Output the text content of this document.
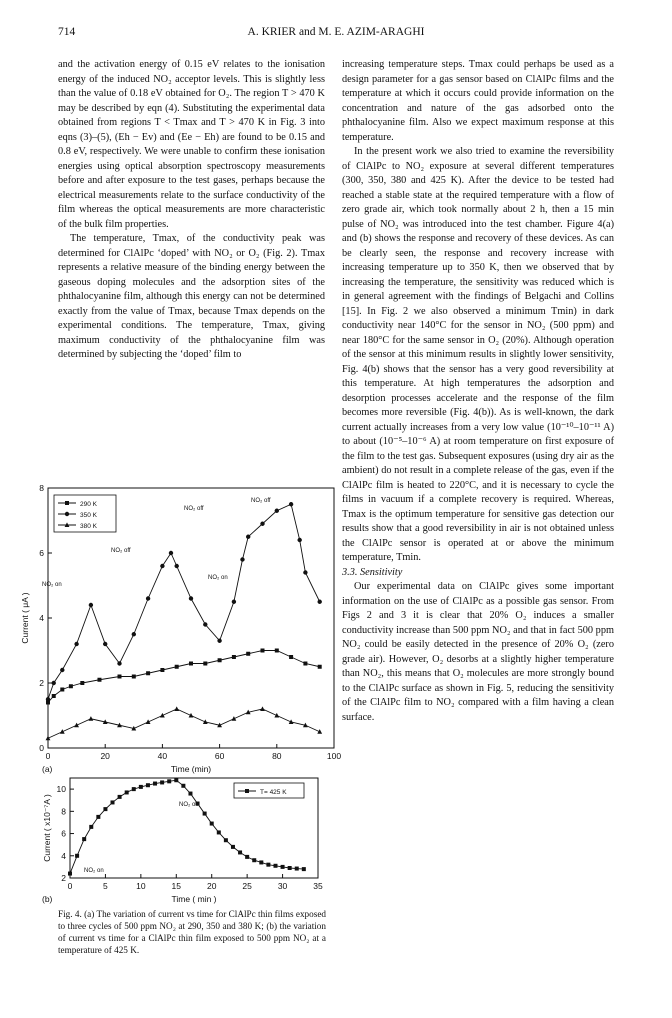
714	A. KRIER and M. E. AZIM-ARAGHI

and the activation energy of 0.15 eV relates to the ionisation energy of the induced NO₂ acceptor levels. This is slightly less than the value of 0.18 eV obtained for O₂. The region T > 470 K may be described by eqn (4). Substituting the experimental data obtained from regions T < Tmax and T > 470 K in Fig. 3 into eqns (3)–(5), (Eh − Ev) and (Ee − Eh) are found to be 0.15 and 0.8 eV, respectively. We were unable to confirm these ionisation energies using optical absorption spectroscopy measurements before and after exposure to the test gases, perhaps because the electrical measurements relate to the surface conductivity of the film whereas the optical measurements are more characteristic of the bulk film properties.

The temperature, Tmax, of the conductivity peak was determined for ClAlPc ‘doped’ with NO₂ or O₂ (Fig. 2). Tmax represents a relative measure of the binding energy between the gaseous doping molecules and the adsorption sites of the phthalocyanine film, although this energy can not be determined exactly from the value of Tmax, because Tmax depends on the experimental conditions. The temperature, Tmax, giving maximum conductivity of the phthalocyanine film was determined by subjecting the ‘doped’ film to

increasing temperature steps. Tmax could perhaps be used as a design parameter for a gas sensor based on ClAlPc films and the temperature at which it occurs could provide information on the concentration and nature of the gas adsorbed onto the phthalocyanine film. Also we expect maximum response at this temperature.

In the present work we also tried to examine the reversibility of ClAlPc to NO₂ exposure at several different temperatures (300, 350, 380 and 425 K). After the device to be tested had reached a stable state at the required temperature with a flow of zero grade air, which took normally about 2 h, then a 15 min pulse of NO₂ was introduced into the test chamber. Figure 4(a) and (b) shows the response and recovery of these devices. As can be clearly seen, the response and recovery increase with increasing temperature up to 350 K, then we observed that by increasing the temperature, the sensitivity was reduced which is in general agreement with the findings of Belgachi and Collins [15]. In Fig. 2 we also observed a minimum Tmin) in dark conductivity near 140°C for the sensor in NO₂ (500 ppm) and near 180°C for the same sensor in O₂ (20%). Although operation of the sensor at this minimum results in slightly lower sensitivity, Fig. 4(b) shows that the sensor has a very good reversibility at this temperature. At high temperatures the adsorption and desorption processes accelerate and the response of the film becomes more reversible (Fig. 4(b)). As is well-known, the dark current actually increases from a very low value (10⁻¹⁰–10⁻¹¹ A) to about (10⁻⁵–10⁻⁶ A) at room temperature on first exposure of the film to the test gas. Subsequent exposures (using dry air as the ambient) do not result in a complete release of the gas, even if the ClAlPc film is heated to 220°C, and it is necessary to cycle the films in vacuum if a complete recovery is required. Whereas, Tmax is the optimum temperature for sensitive gas detection our results show that a good reversibility in air is not obtained unless the ClAlPc sensor is operated at or above the minimum temperature, Tmin.

3.3. Sensitivity

Our experimental data on ClAlPc gives some important information on the use of ClAlPc as a possible gas sensor. From Figs 2 and 3 it is clear that 20% O₂ induces a smaller conductivity increase than 500 ppm NO₂ and that in fact 500 ppm NO₂ could be easily detected in the presence of 20% O₂ (zero grade air). However, O₂ desorbs at a slightly higher temperature than NO₂, this means that O₂ molecules are more strongly bound to the ClAlPc surface as shown in Fig. 5, reducing the sensitivity of the ClAlPc film to NO₂ compared with a film having a clean surface.

0	20	40	60	80	100
0
2
4
6
8
Time (min)
Current ( μA )
(a)
290 K
350 K
380 K
NO₂ off
NO₂ off
NO₂ off
NO₂ on
NO₂ on
0	5	10	15	20	25	30	35
2
4
6
8
10
Time ( min )
Current ( x10⁻⁷A )
(b)
T= 425 K
NO₂ off
NO₂ on
Fig. 4. (a) The variation of current vs time for ClAlPc thin films exposed to three cycles of 500 ppm NO₂ at 290, 350 and 380 K; (b) the variation of current vs time for a ClAlPc thin film exposed to 500 ppm NO₂ at a temperature of 425 K.
